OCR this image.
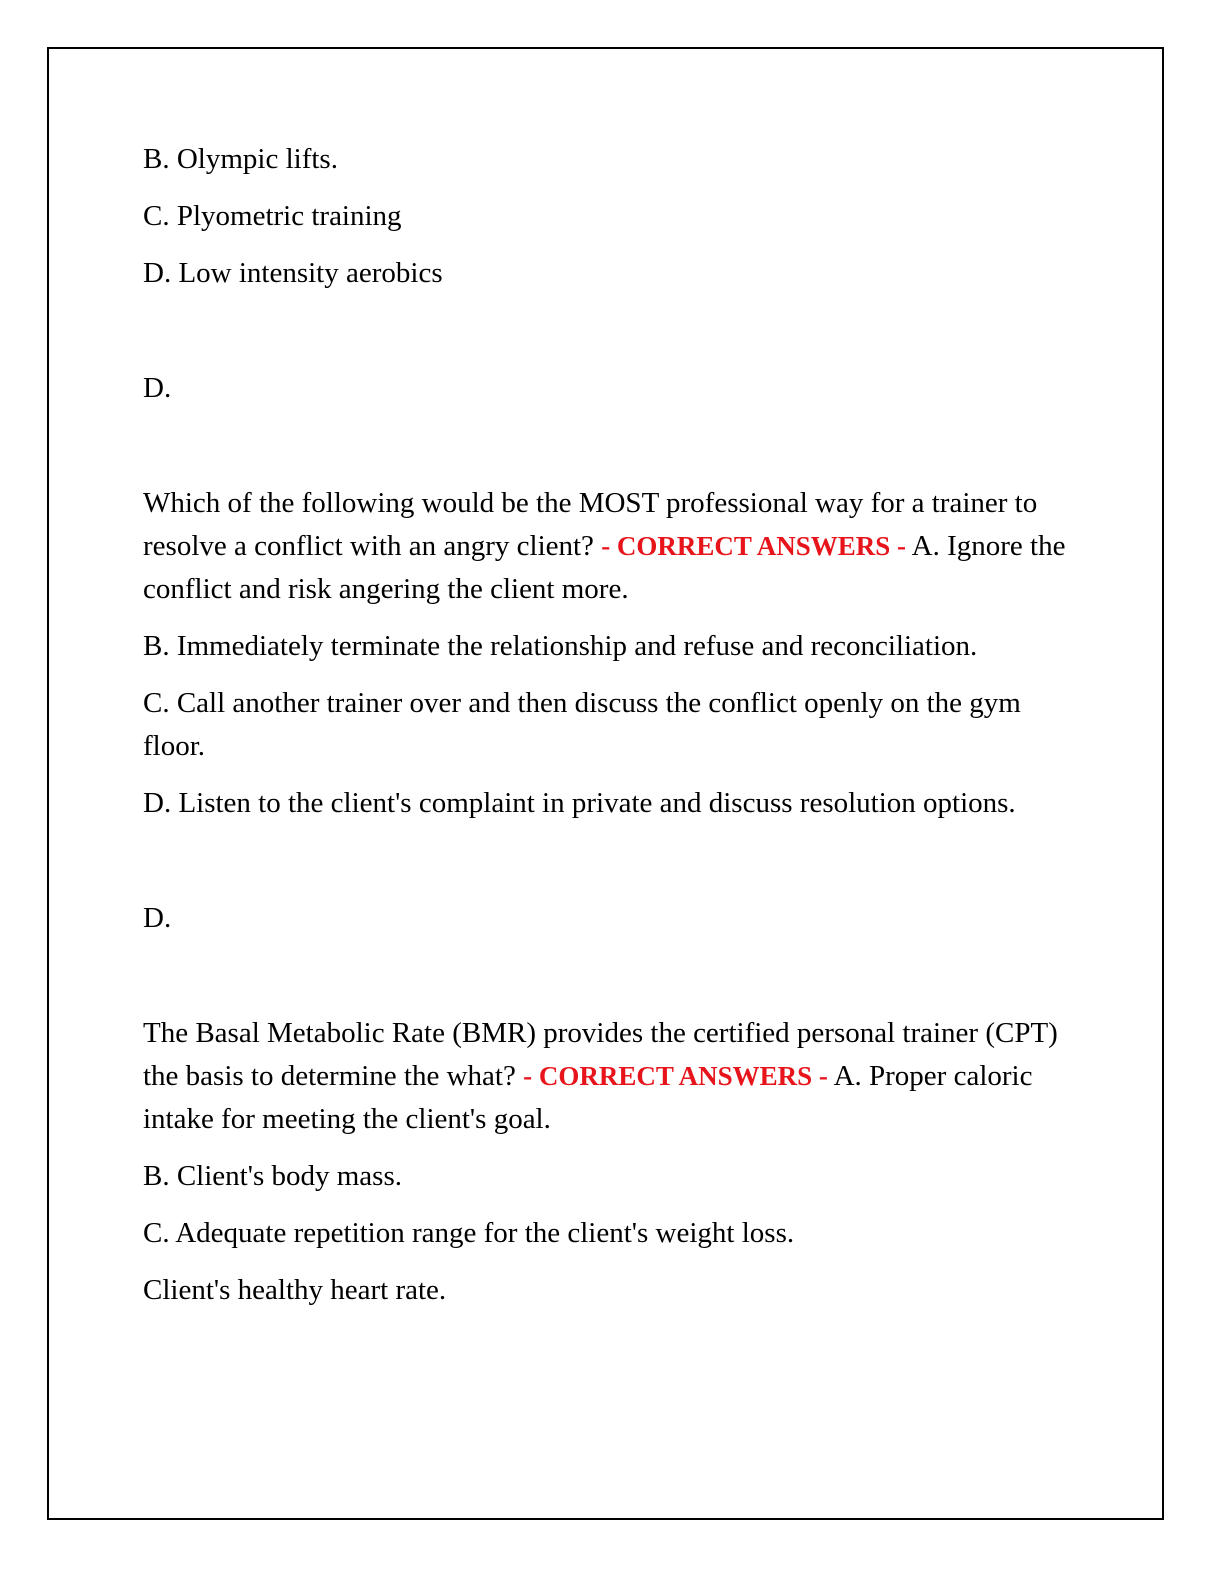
B. Olympic lifts.

C. Plyometric training

D. Low intensity aerobics

D.

Which of the following would be the MOST professional way for a trainer to resolve a conflict with an angry client? - CORRECT ANSWERS - A. Ignore the conflict and risk angering the client more.

B. Immediately terminate the relationship and refuse and reconciliation.

C. Call another trainer over and then discuss the conflict openly on the gym floor.

D. Listen to the client's complaint in private and discuss resolution options.

D.

The Basal Metabolic Rate (BMR) provides the certified personal trainer (CPT) the basis to determine the what? - CORRECT ANSWERS - A. Proper caloric intake for meeting the client's goal.

B. Client's body mass.

C. Adequate repetition range for the client's weight loss.

Client's healthy heart rate.
